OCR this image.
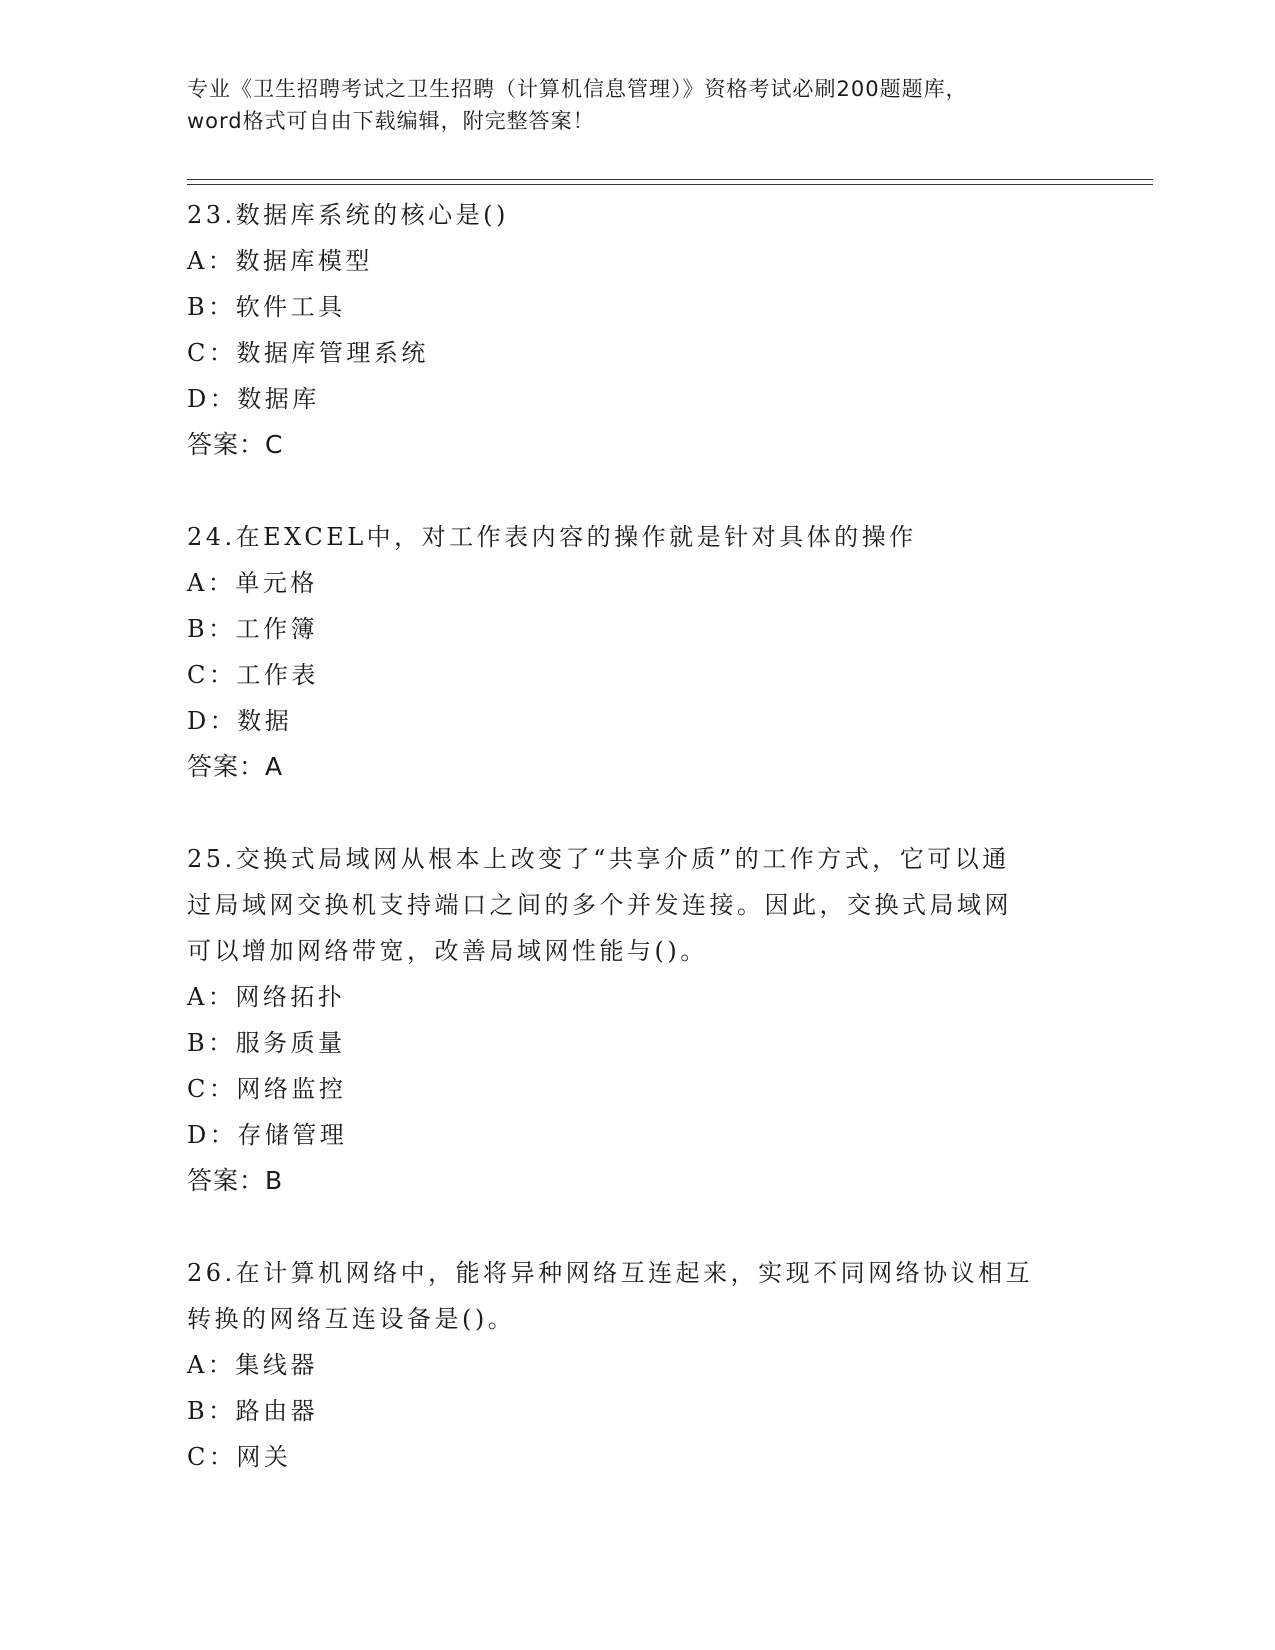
专业《卫生招聘考试之卫生招聘（计算机信息管理）》资格考试必刷200题题库，
word格式可自由下载编辑，附完整答案！
23.数据库系统的核心是()
A：数据库模型
B：软件工具
C：数据库管理系统
D：数据库
答案：C
24.在EXCEL中，对工作表内容的操作就是针对具体的操作
A：单元格
B：工作簿
C：工作表
D：数据
答案：A
25.交换式局域网从根本上改变了“共享介质”的工作方式，它可以通
过局域网交换机支持端口之间的多个并发连接。因此，交换式局域网
可以增加网络带宽，改善局域网性能与()。
A：网络拓扑
B：服务质量
C：网络监控
D：存储管理
答案：B
26.在计算机网络中，能将异种网络互连起来，实现不同网络协议相互
转换的网络互连设备是()。
A：集线器
B：路由器
C：网关
